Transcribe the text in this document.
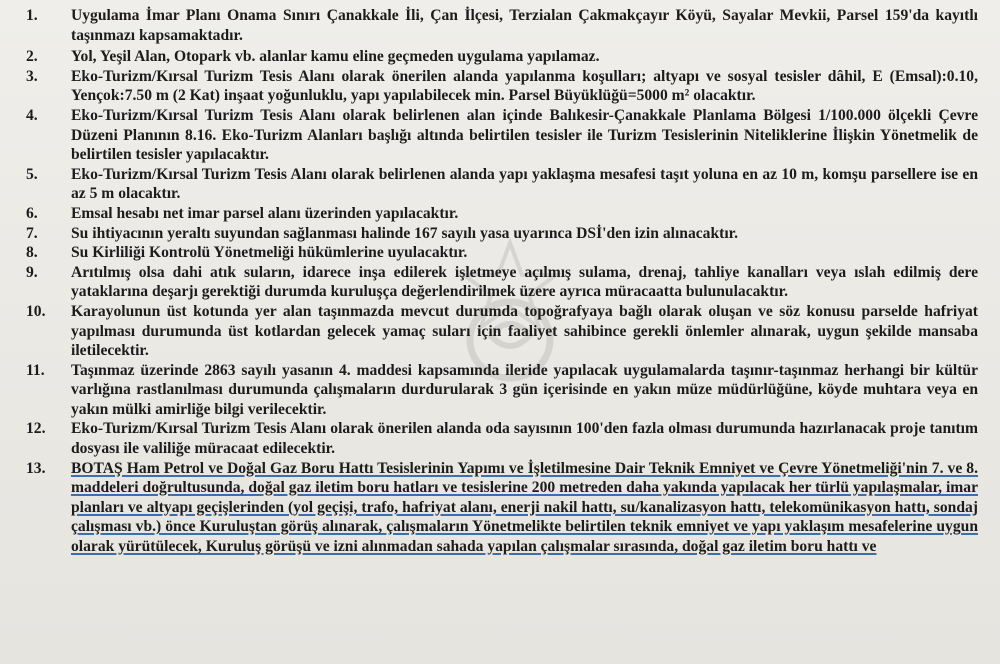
1.	Uygulama İmar Planı Onama Sınırı Çanakkale İli, Çan İlçesi, Terzialan Çakmakçayır Köyü, Sayalar Mevkii, Parsel 159'da kayıtlı taşınmazı kapsamaktadır.
2.	Yol, Yeşil Alan, Otopark vb. alanlar kamu eline geçmeden uygulama yapılamaz.
3.	Eko-Turizm/Kırsal Turizm Tesis Alanı olarak önerilen alanda yapılanma koşulları; altyapı ve sosyal tesisler dâhil, E (Emsal):0.10, Yençok:7.50 m (2 Kat) inşaat yoğunluklu, yapı yapılabilecek min. Parsel Büyüklüğü=5000 m² olacaktır.
4.	Eko-Turizm/Kırsal Turizm Tesis Alanı olarak belirlenen alan içinde Balıkesir-Çanakkale Planlama Bölgesi 1/100.000 ölçekli Çevre Düzeni Planının 8.16. Eko-Turizm Alanları başlığı altında belirtilen tesisler ile Turizm Tesislerinin Niteliklerine İlişkin Yönetmelik de belirtilen tesisler yapılacaktır.
5.	Eko-Turizm/Kırsal Turizm Tesis Alanı olarak belirlenen alanda yapı yaklaşma mesafesi taşıt yoluna en az 10 m, komşu parsellere ise en az 5 m olacaktır.
6.	Emsal hesabı net imar parsel alanı üzerinden yapılacaktır.
7.	Su ihtiyacının yeraltı suyundan sağlanması halinde 167 sayılı yasa uyarınca DSİ'den izin alınacaktır.
8.	Su Kirliliği Kontrolü Yönetmeliği hükümlerine uyulacaktır.
9.	Arıtılmış olsa dahi atık suların, idarece inşa edilerek işletmeye açılmış sulama, drenaj, tahliye kanalları veya ıslah edilmiş dere yataklarına deşarjı gerektiği durumda kuruluşça değerlendirilmek üzere ayrıca müracaatta bulunulacaktır.
10.	Karayolunun üst kotunda yer alan taşınmazda mevcut durumda topoğrafyaya bağlı olarak oluşan ve söz konusu parselde hafriyat yapılması durumunda üst kotlardan gelecek yamaç suları için faaliyet sahibince gerekli önlemler alınarak, uygun şekilde mansaba iletilecektir.
11.	Taşınmaz üzerinde 2863 sayılı yasanın 4. maddesi kapsamında ileride yapılacak uygulamalarda taşınır-taşınmaz herhangi bir kültür varlığına rastlanılması durumunda çalışmaların durdurularak 3 gün içerisinde en yakın müze müdürlüğüne, köyde muhtara veya en yakın mülki amirliğe bilgi verilecektir.
12.	Eko-Turizm/Kırsal Turizm Tesis Alanı olarak önerilen alanda oda sayısının 100'den fazla olması durumunda hazırlanacak proje tanıtım dosyası ile valiliğe müracaat edilecektir.
13.	BOTAŞ Ham Petrol ve Doğal Gaz Boru Hattı Tesislerinin Yapımı ve İşletilmesine Dair Teknik Emniyet ve Çevre Yönetmeliği'nin 7. ve 8. maddeleri doğrultusunda, doğal gaz iletim boru hatları ve tesislerine 200 metreden daha yakında yapılacak her türlü yapılaşmalar, imar planları ve altyapı geçişlerinden (yol geçişi, trafo, hafriyat alanı, enerji nakil hattı, su/kanalizasyon hattı, telekomünikasyon hattı, sondaj çalışması vb.) önce Kuruluştan görüş alınarak, çalışmaların Yönetmelikte belirtilen teknik emniyet ve yapı yaklaşım mesafelerine uygun olarak yürütülecek, Kuruluş görüşü ve izni alınmadan sahada yapılan çalışmalar sırasında, doğal gaz iletim boru hattı ve
